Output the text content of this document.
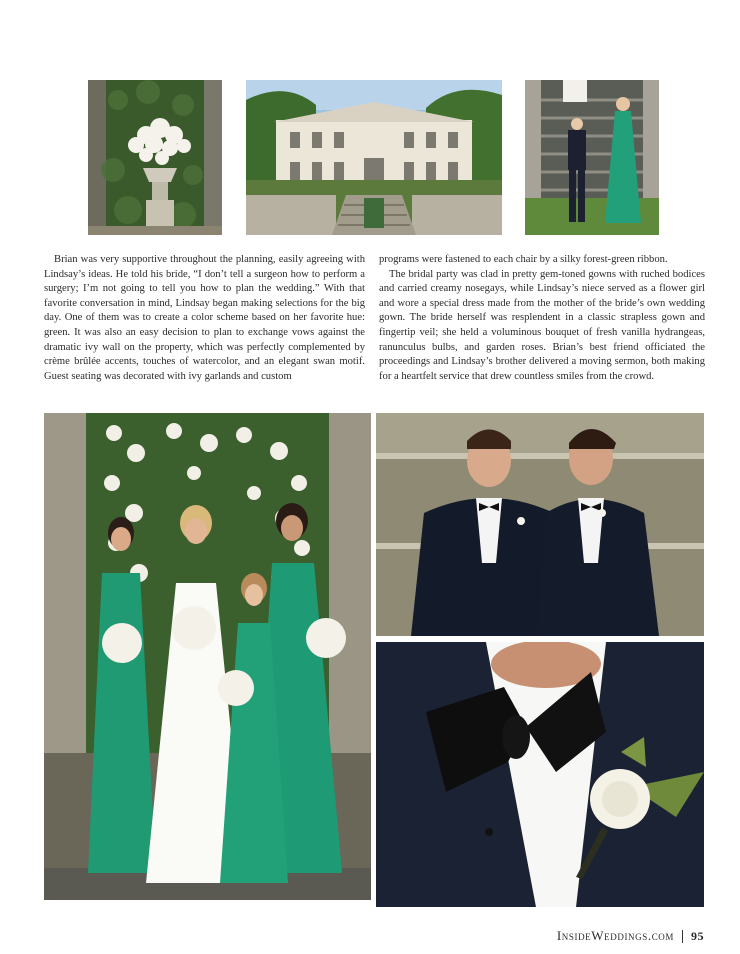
Brian was very supportive throughout the planning, easily agreeing with Lindsay’s ideas. He told his bride, “I don’t tell a surgeon how to perform a surgery; I’m not going to tell you how to plan the wedding.” With that favorite conversation in mind, Lindsay began making selections for the big day. One of them was to create a color scheme based on her favorite hue: green. It was also an easy decision to plan to exchange vows against the dramatic ivy wall on the property, which was perfectly complemented by crème brûlée accents, touches of watercolor, and an elegant swan motif. Guest seating was decorated with ivy garlands and custom

programs were fastened to each chair by a silky forest-green ribbon.

The bridal party was clad in pretty gem-toned gowns with ruched bodices and carried creamy nosegays, while Lindsay’s niece served as a flower girl and wore a special dress made from the mother of the bride’s own wedding gown. The bride herself was resplendent in a classic strapless gown and fingertip veil; she held a voluminous bouquet of fresh vanilla hydrangeas, ranunculus bulbs, and garden roses. Brian’s best friend officiated the proceedings and Lindsay’s brother delivered a moving sermon, both making for a heartfelt service that drew countless smiles from the crowd.

InsideWeddings.com 95
